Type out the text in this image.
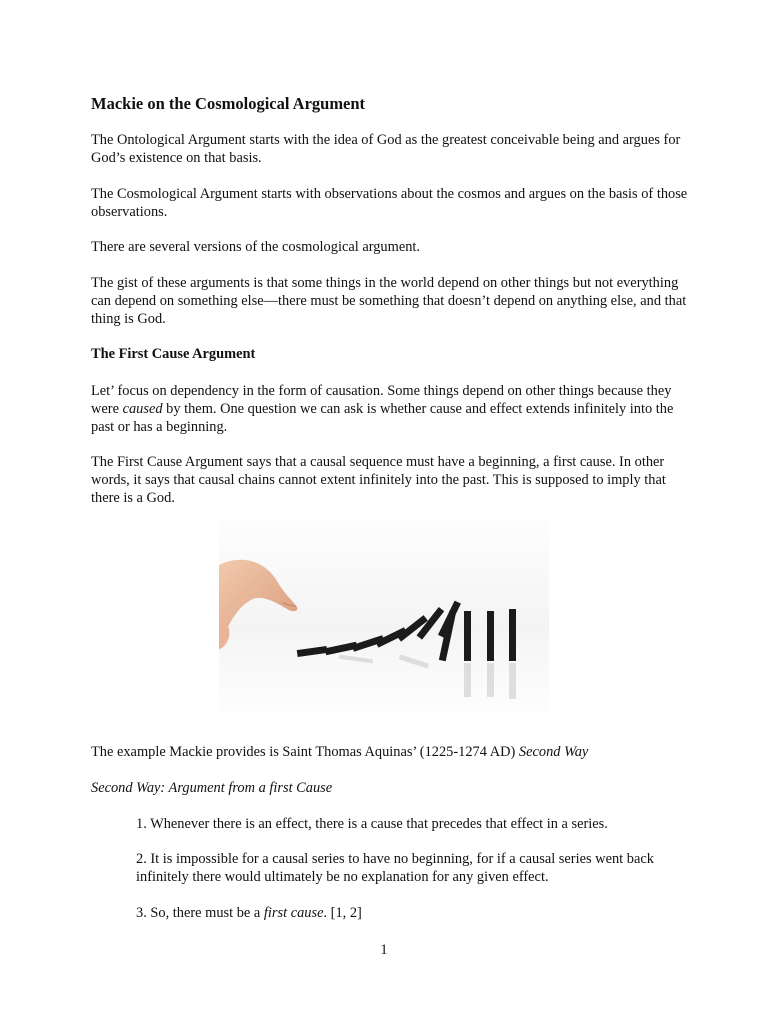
Mackie on the Cosmological Argument

The Ontological Argument starts with the idea of God as the greatest conceivable being and argues for God’s existence on that basis.

The Cosmological Argument starts with observations about the cosmos and argues on the basis of those observations.

There are several versions of the cosmological argument.

The gist of these arguments is that some things in the world depend on other things but not everything can depend on something else—there must be something that doesn’t depend on anything else, and that thing is God.

The First Cause Argument

Let’ focus on dependency in the form of causation. Some things depend on other things because they were caused by them. One question we can ask is whether cause and effect extends infinitely into the past or has a beginning.

The First Cause Argument says that a causal sequence must have a beginning, a first cause. In other words, it says that causal chains cannot extent infinitely into the past. This is supposed to imply that there is a God.

The example Mackie provides is Saint Thomas Aquinas’ (1225-1274 AD) Second Way

Second Way: Argument from a first Cause

1. Whenever there is an effect, there is a cause that precedes that effect in a series.

2. It is impossible for a causal series to have no beginning, for if a causal series went back infinitely there would ultimately be no explanation for any given effect.

3. So, there must be a first cause. [1, 2]

1
